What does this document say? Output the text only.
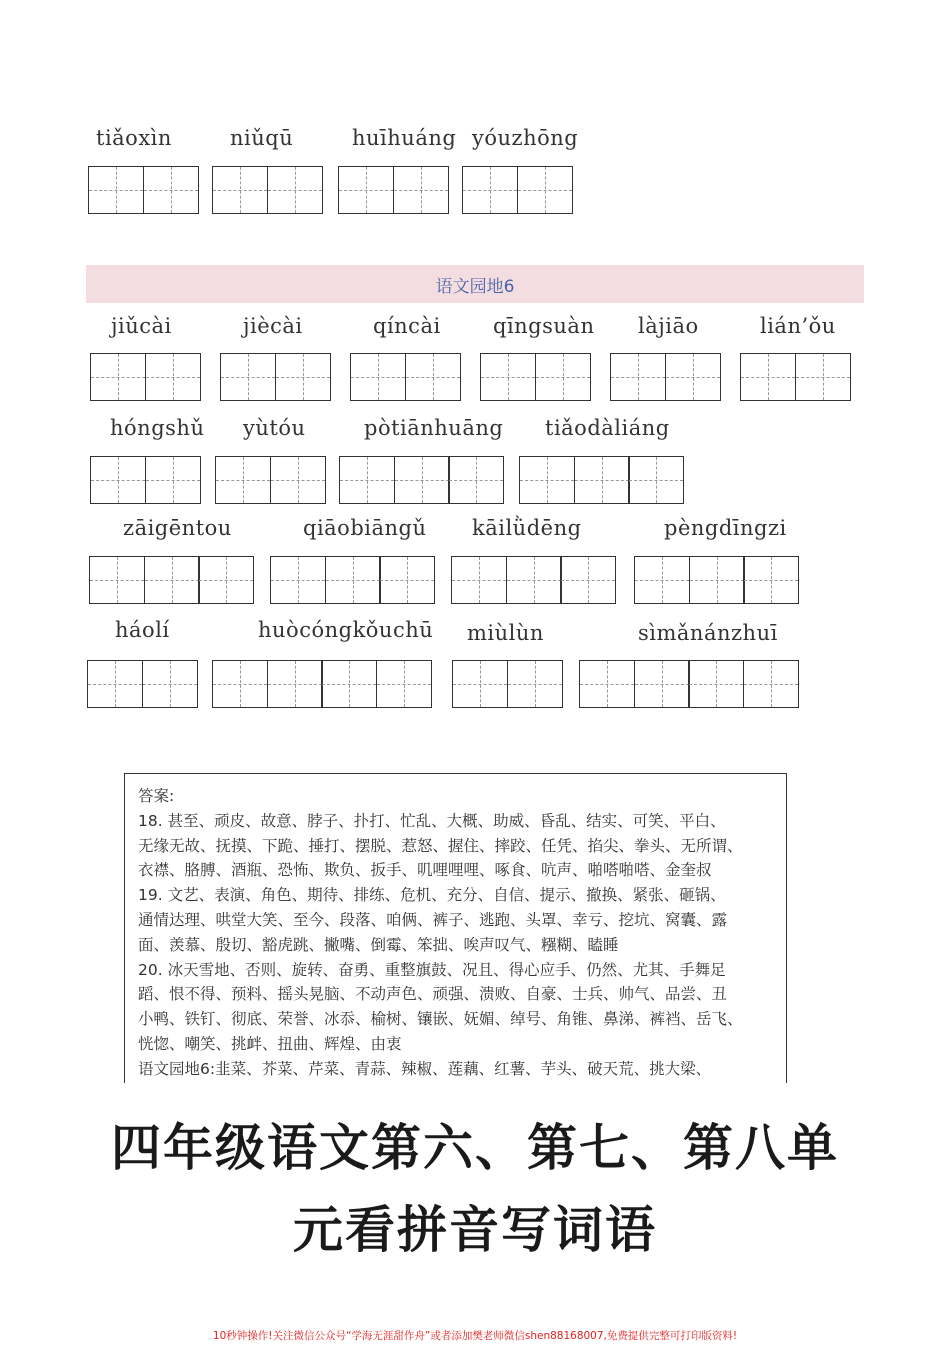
tiǎoxìn	niǔqū	huīhuáng yóuzhōng
语文园地6
jiǔcài	jiècài	qíncài qīngsuàn làjiāo	lián’ǒu
hóngshǔ yùtóu	pòtiānhuāng tiǎodàliáng
zāigēntou	qiāobiāngǔ kāilǜdēng	pèngdīngzi
háolí	huòcóngkǒuchū miùlùn	sìmǎnánzhuī

答案:

18. 甚至、顽皮、故意、脖子、扑打、忙乱、大概、助威、昏乱、结实、可笑、平白、

无缘无故、抚摸、下跪、捶打、摆脱、惹怒、握住、摔跤、任凭、掐尖、拳头、无所谓、

衣襟、胳膊、酒瓶、恐怖、欺负、扳手、叽哩哩哩、啄食、吭声、啪嗒啪嗒、金奎叔

19. 文艺、表演、角色、期待、排练、危机、充分、自信、提示、撤换、紧张、砸锅、

通情达理、哄堂大笑、至今、段落、咱俩、裤子、逃跑、头罩、幸亏、挖坑、窝囊、露

面、羡慕、殷切、豁虎跳、撇嘴、倒霉、笨拙、唉声叹气、糨糊、瞌睡

20. 冰天雪地、否则、旋转、奋勇、重整旗鼓、况且、得心应手、仍然、尤其、手舞足

蹈、恨不得、预料、摇头晃脑、不动声色、顽强、溃败、自豪、士兵、帅气、品尝、丑

小鸭、铁钉、彻底、荣誉、冰忝、榆树、镶嵌、妩媚、绰号、角锥、鼻涕、裤裆、岳飞、

恍惚、嘲笑、挑衅、扭曲、辉煌、由衷

语文园地6:韭菜、芥菜、芹菜、青蒜、辣椒、莲藕、红薯、芋头、破天荒、挑大梁、

四年级语文第六、第七、第八单
元看拼音写词语
10秒钟操作!关注微信公众号“学海无涯甜作舟”或者添加樊老师微信shen88168007,免费提供完整可打印版资料!
